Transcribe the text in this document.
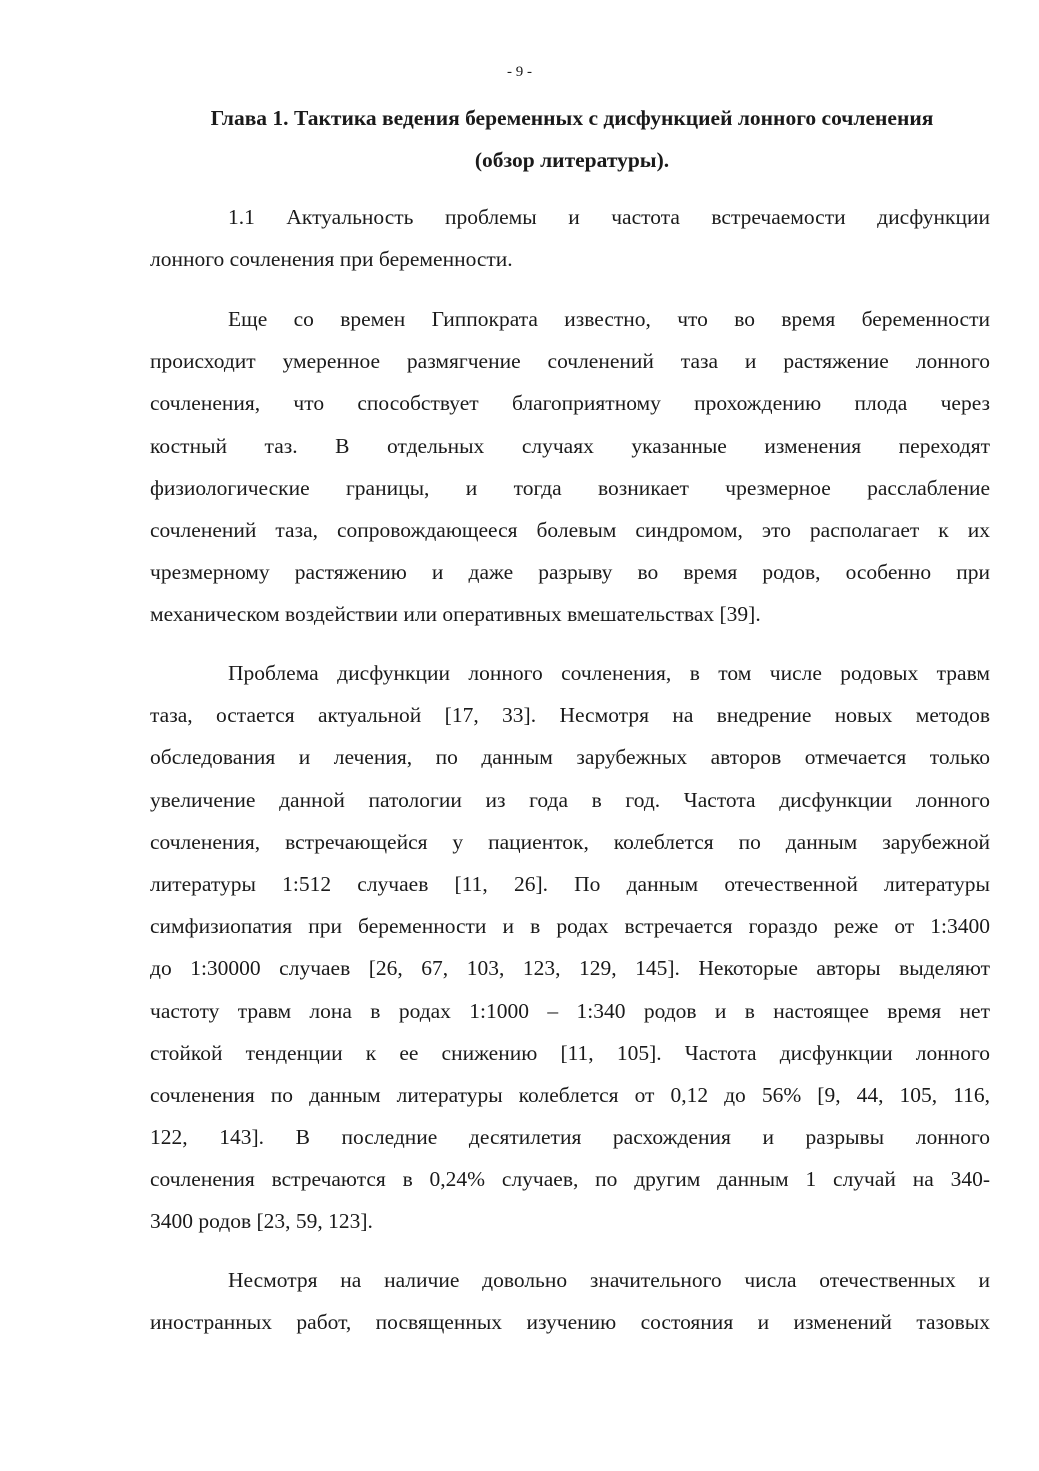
- 9 -
Глава 1. Тактика ведения беременных с дисфункцией лонного сочленения
(обзор литературы).
1.1 Актуальность проблемы и частота встречаемости дисфункции
лонного сочленения при беременности.
Еще со времен Гиппократа известно, что во время беременности
происходит умеренное размягчение сочленений таза и растяжение лонного
сочленения, что способствует благоприятному прохождению плода через
костный таз. В отдельных случаях указанные изменения переходят
физиологические границы, и тогда возникает чрезмерное расслабление
сочленений таза, сопровождающееся болевым синдромом, это располагает к их
чрезмерному растяжению и даже разрыву во время родов, особенно при
механическом воздействии или оперативных вмешательствах [39].
Проблема дисфункции лонного сочленения, в том числе родовых травм
таза, остается актуальной [17, 33]. Несмотря на внедрение новых методов
обследования и лечения, по данным зарубежных авторов отмечается только
увеличение данной патологии из года в год. Частота дисфункции лонного
сочленения, встречающейся у пациенток, колеблется по данным зарубежной
литературы 1:512 случаев [11, 26]. По данным отечественной литературы
симфизиопатия при беременности и в родах встречается гораздо реже от 1:3400
до 1:30000 случаев [26, 67, 103, 123, 129, 145]. Некоторые авторы выделяют
частоту травм лона в родах 1:1000 – 1:340 родов и в настоящее время нет
стойкой тенденции к ее снижению [11, 105]. Частота дисфункции лонного
сочленения по данным литературы колеблется от 0,12 до 56% [9, 44, 105, 116,
122, 143]. В последние десятилетия расхождения и разрывы лонного
сочленения встречаются в 0,24% случаев, по другим данным 1 случай на 340-
3400 родов [23, 59, 123].
Несмотря на наличие довольно значительного числа отечественных и
иностранных работ, посвященных изучению состояния и изменений тазовых
